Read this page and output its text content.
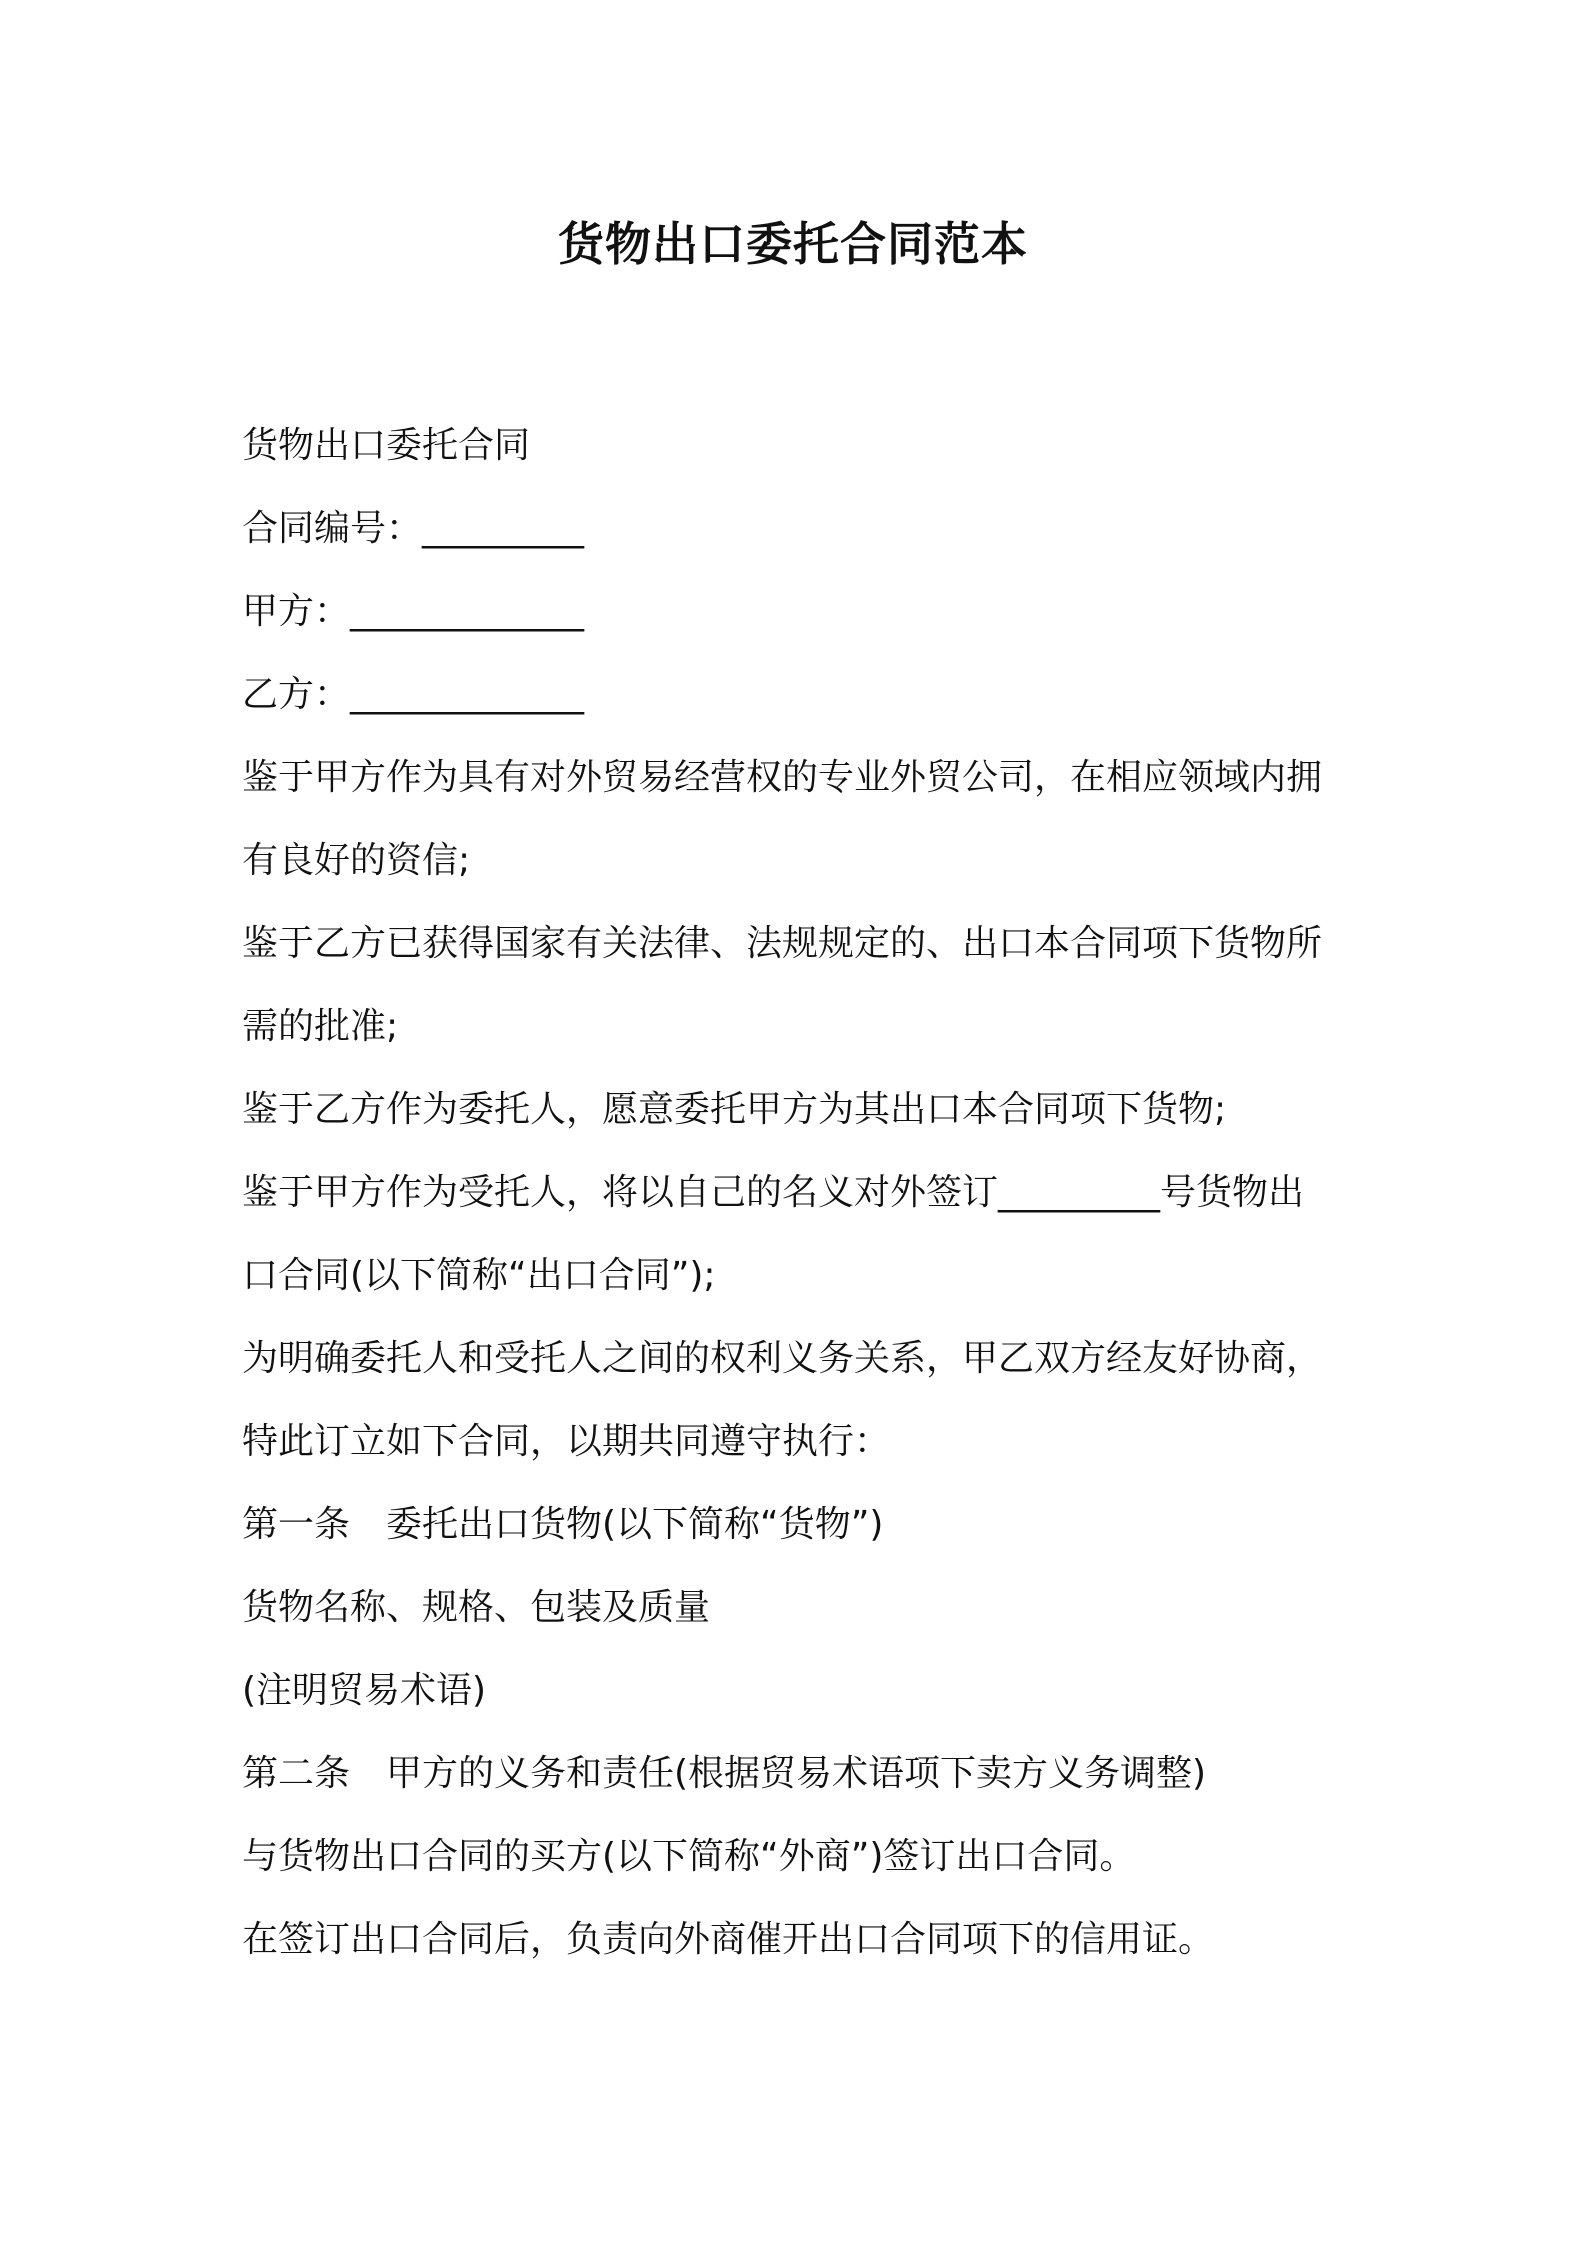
货物出口委托合同范本
货物出口委托合同
合同编号：_________
甲方：_____________
乙方：_____________
鉴于甲方作为具有对外贸易经营权的专业外贸公司，在相应领域内拥
有良好的资信;
鉴于乙方已获得国家有关法律、法规规定的、出口本合同项下货物所
需的批准;
鉴于乙方作为委托人，愿意委托甲方为其出口本合同项下货物;
鉴于甲方作为受托人，将以自己的名义对外签订_________号货物出
口合同(以下简称“出口合同”);
为明确委托人和受托人之间的权利义务关系，甲乙双方经友好协商，
特此订立如下合同，以期共同遵守执行：
第一条　委托出口货物(以下简称“货物”)
货物名称、规格、包装及质量
(注明贸易术语)
第二条　甲方的义务和责任(根据贸易术语项下卖方义务调整)
与货物出口合同的买方(以下简称“外商”)签订出口合同。
在签订出口合同后，负责向外商催开出口合同项下的信用证。
